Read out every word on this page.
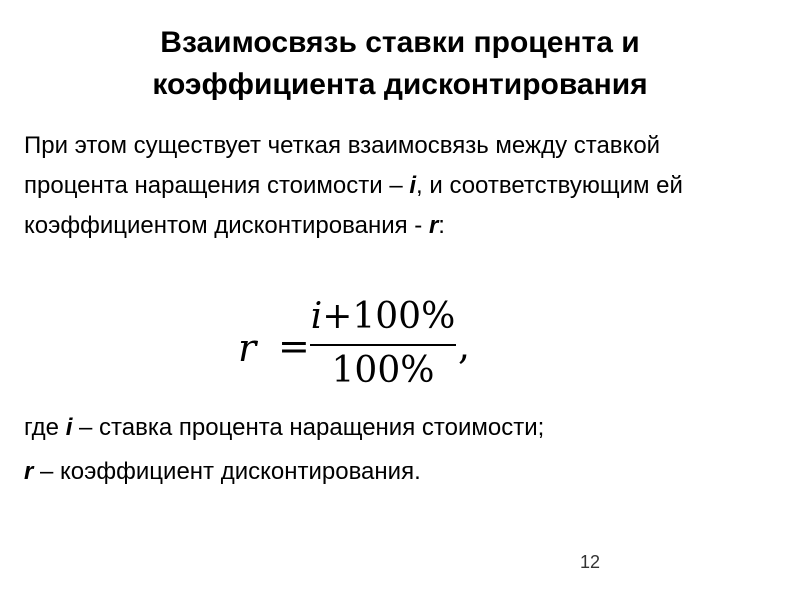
Взаимосвязь ставки процента и
коэффициента дисконтирования

При этом существует четкая взаимосвязь между ставкой процента наращения стоимости – i, и соответствующим ей коэффициентом дисконтирования - r:

r =
i+100%
100%
,

где i – ставка процента наращения стоимости;

r – коэффициент дисконтирования.

12
